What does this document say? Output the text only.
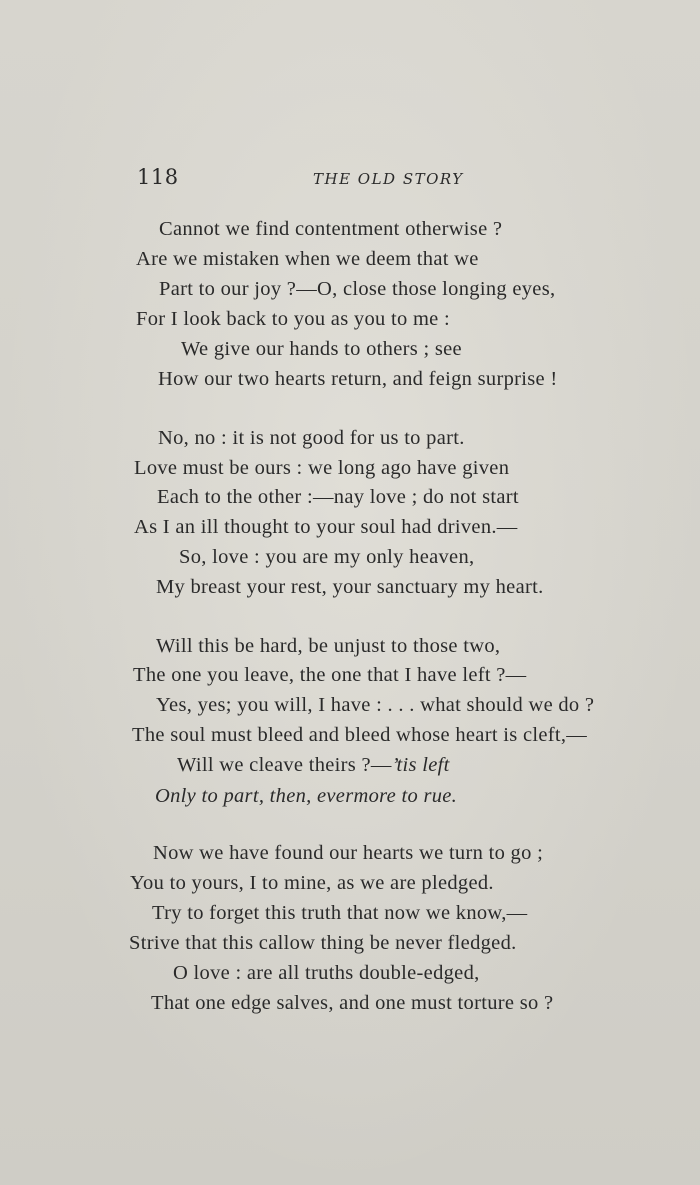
118	THE OLD STORY
Cannot we find contentment otherwise ?
Are we mistaken when we deem that we
Part to our joy ?—O, close those longing eyes,
For I look back to you as you to me :
We give our hands to others ; see
How our two hearts return, and feign surprise !
No, no : it is not good for us to part.
Love must be ours : we long ago have given
Each to the other :—nay love ; do not start
As I an ill thought to your soul had driven.—
So, love : you are my only heaven,
My breast your rest, your sanctuary my heart.
Will this be hard, be unjust to those two,
The one you leave, the one that I have left ?—
Yes, yes; you will, I have : . . . what should we do ?
The soul must bleed and bleed whose heart is cleft,—
Will we cleave theirs ?—’tis left
Only to part, then, evermore to rue.
Now we have found our hearts we turn to go ;
You to yours, I to mine, as we are pledged.
Try to forget this truth that now we know,—
Strive that this callow thing be never fledged.
O love : are all truths double-edged,
That one edge salves, and one must torture so ?
